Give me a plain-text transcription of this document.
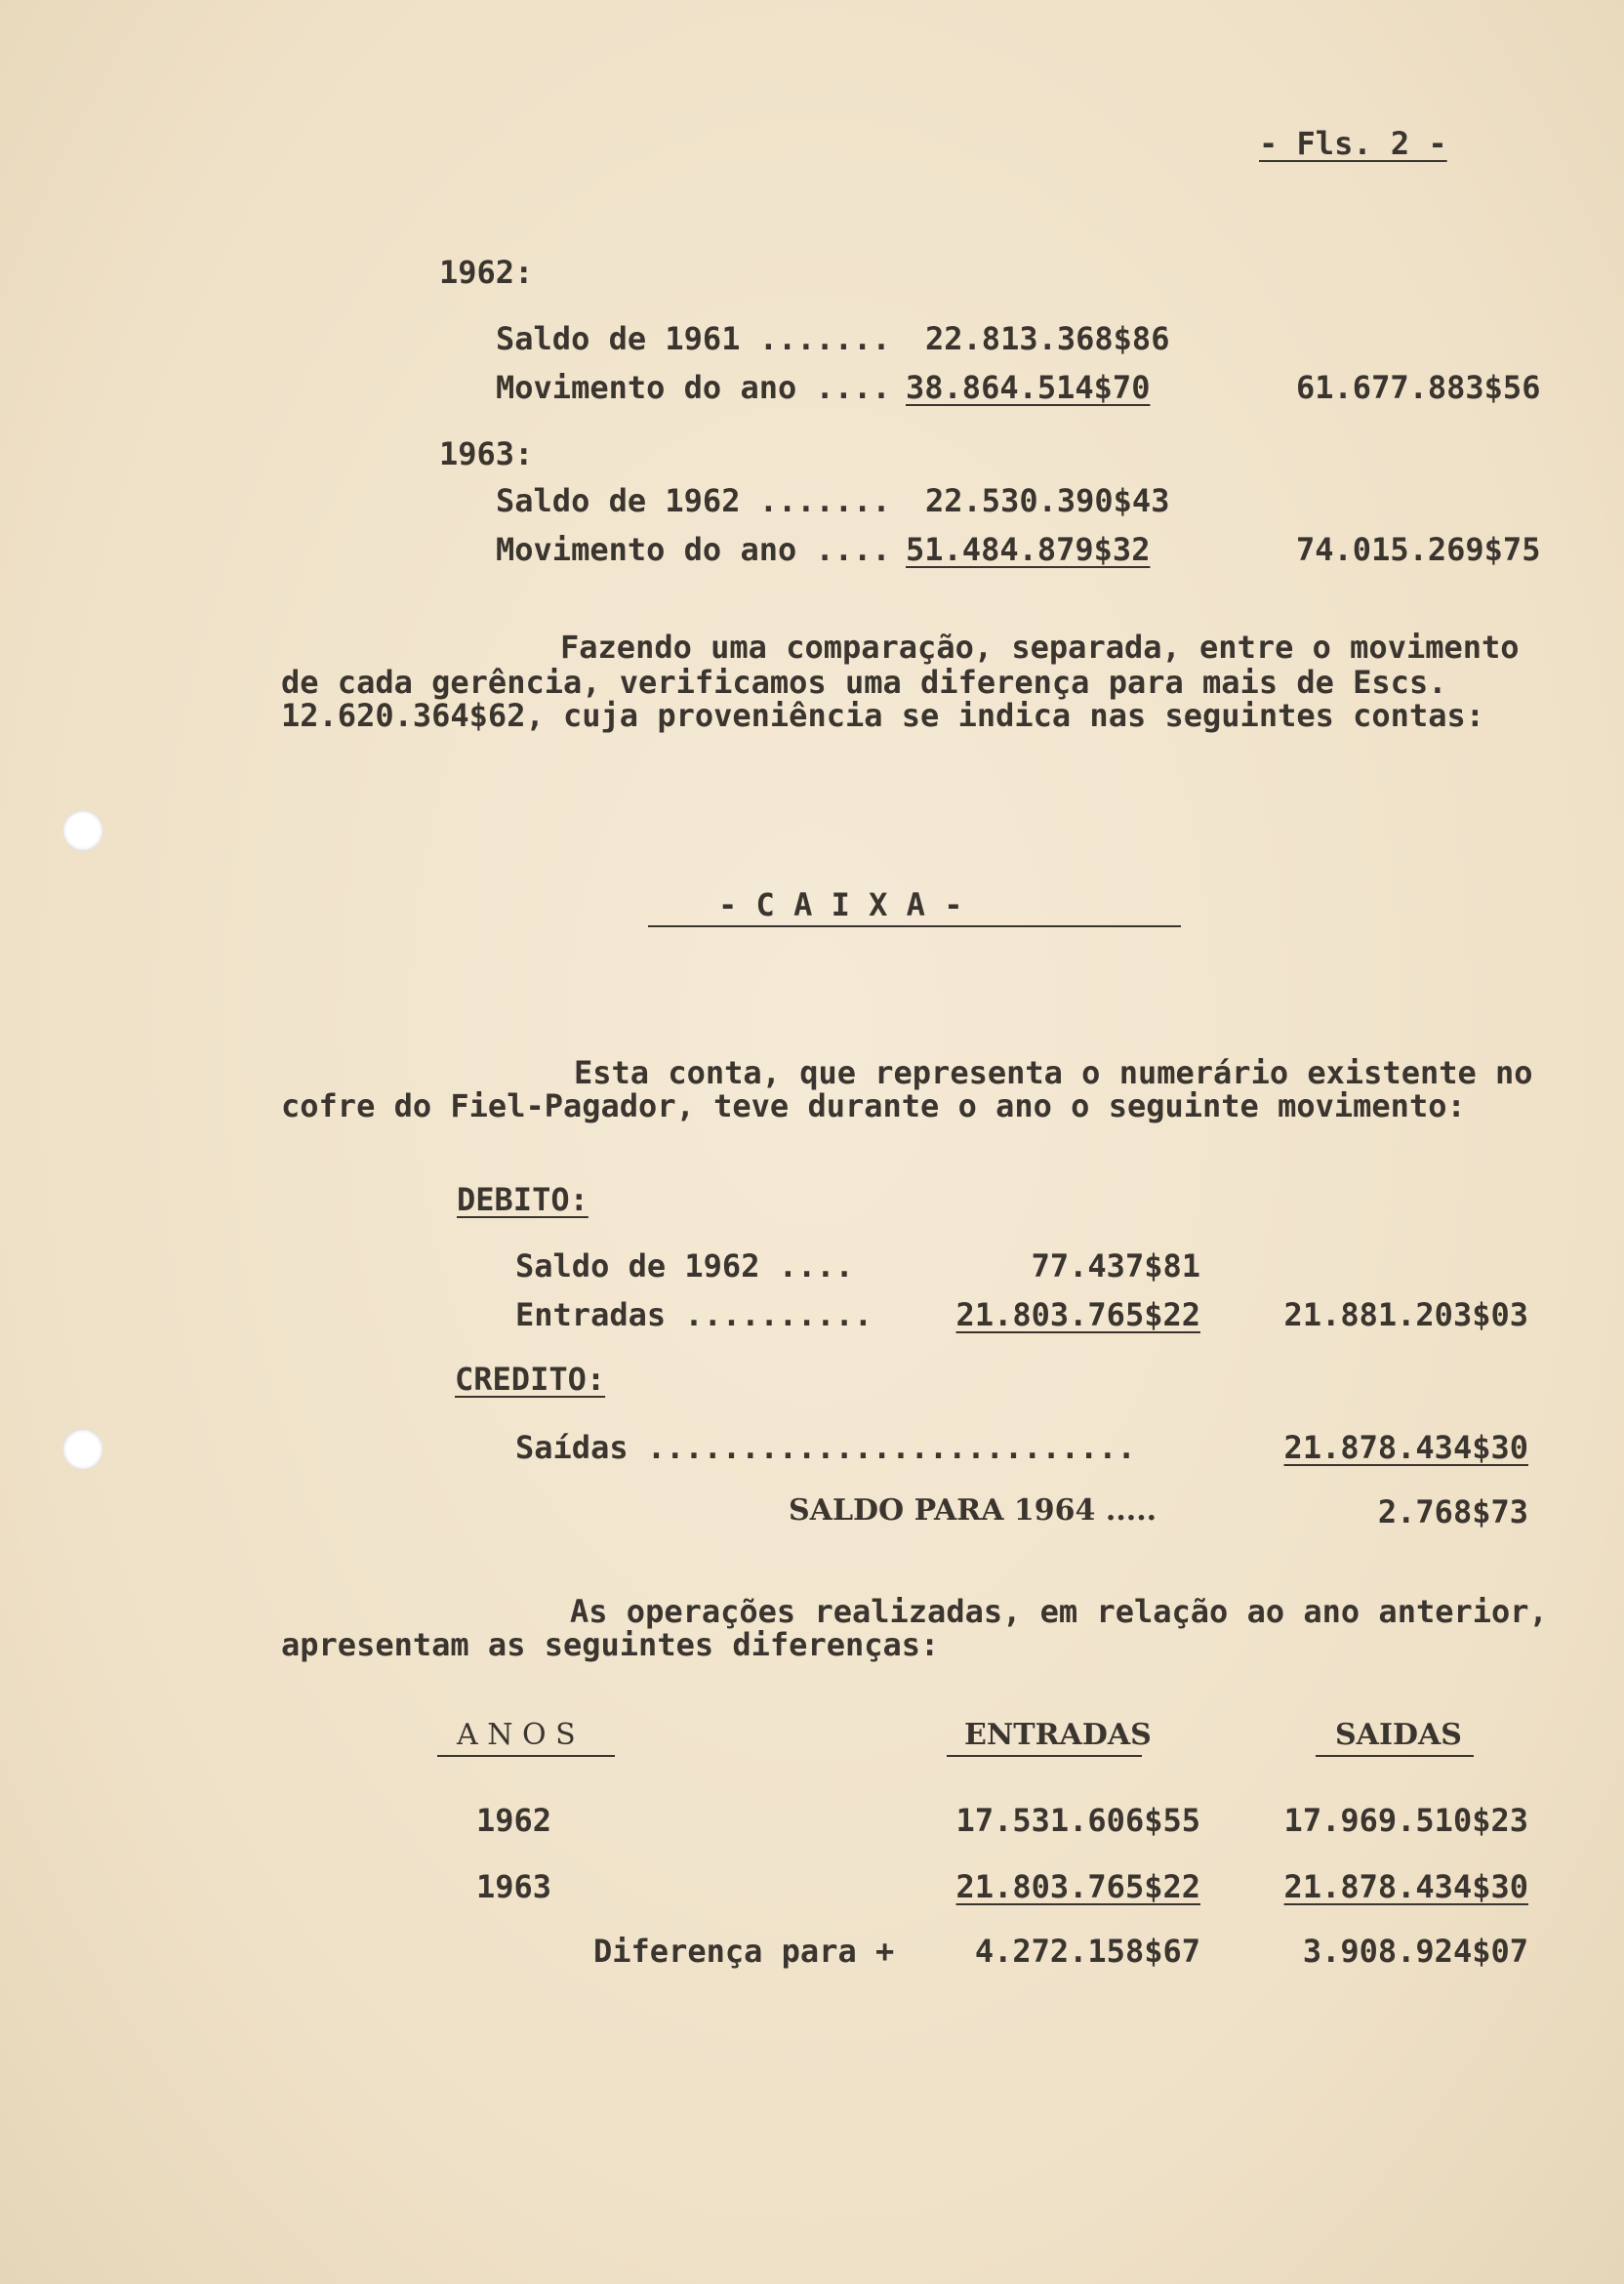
- Fls. 2 -
1962:
Saldo de 1961 ....... 22.813.368$86
Movimento do ano .... 38.864.514$70	61.677.883$56
1963:
Saldo de 1962 ....... 22.530.390$43
Movimento do ano .... 51.484.879$32	74.015.269$75
Fazendo uma comparação, separada, entre o movimento
de cada gerência, verificamos uma diferença para mais de Escs.
12.620.364$62, cuja proveniência se indica nas seguintes contas:
- C A I X A -
Esta conta, que representa o numerário existente no
cofre do Fiel-Pagador, teve durante o ano o seguinte movimento:
DEBITO:
Saldo de 1962 ....	77.437$81
Entradas ..........	21.803.765$22	21.881.203$03
CREDITO:
Saídas ..........................	21.878.434$30
SALDO PARA 1964 .....	2.768$73
As operações realizadas, em relação ao ano anterior,
apresentam as seguintes diferenças:
A N O S	ENTRADAS	SAIDAS
1962	17.531.606$55	17.969.510$23
1963	21.803.765$22	21.878.434$30
Diferença para +	4.272.158$67	3.908.924$07
